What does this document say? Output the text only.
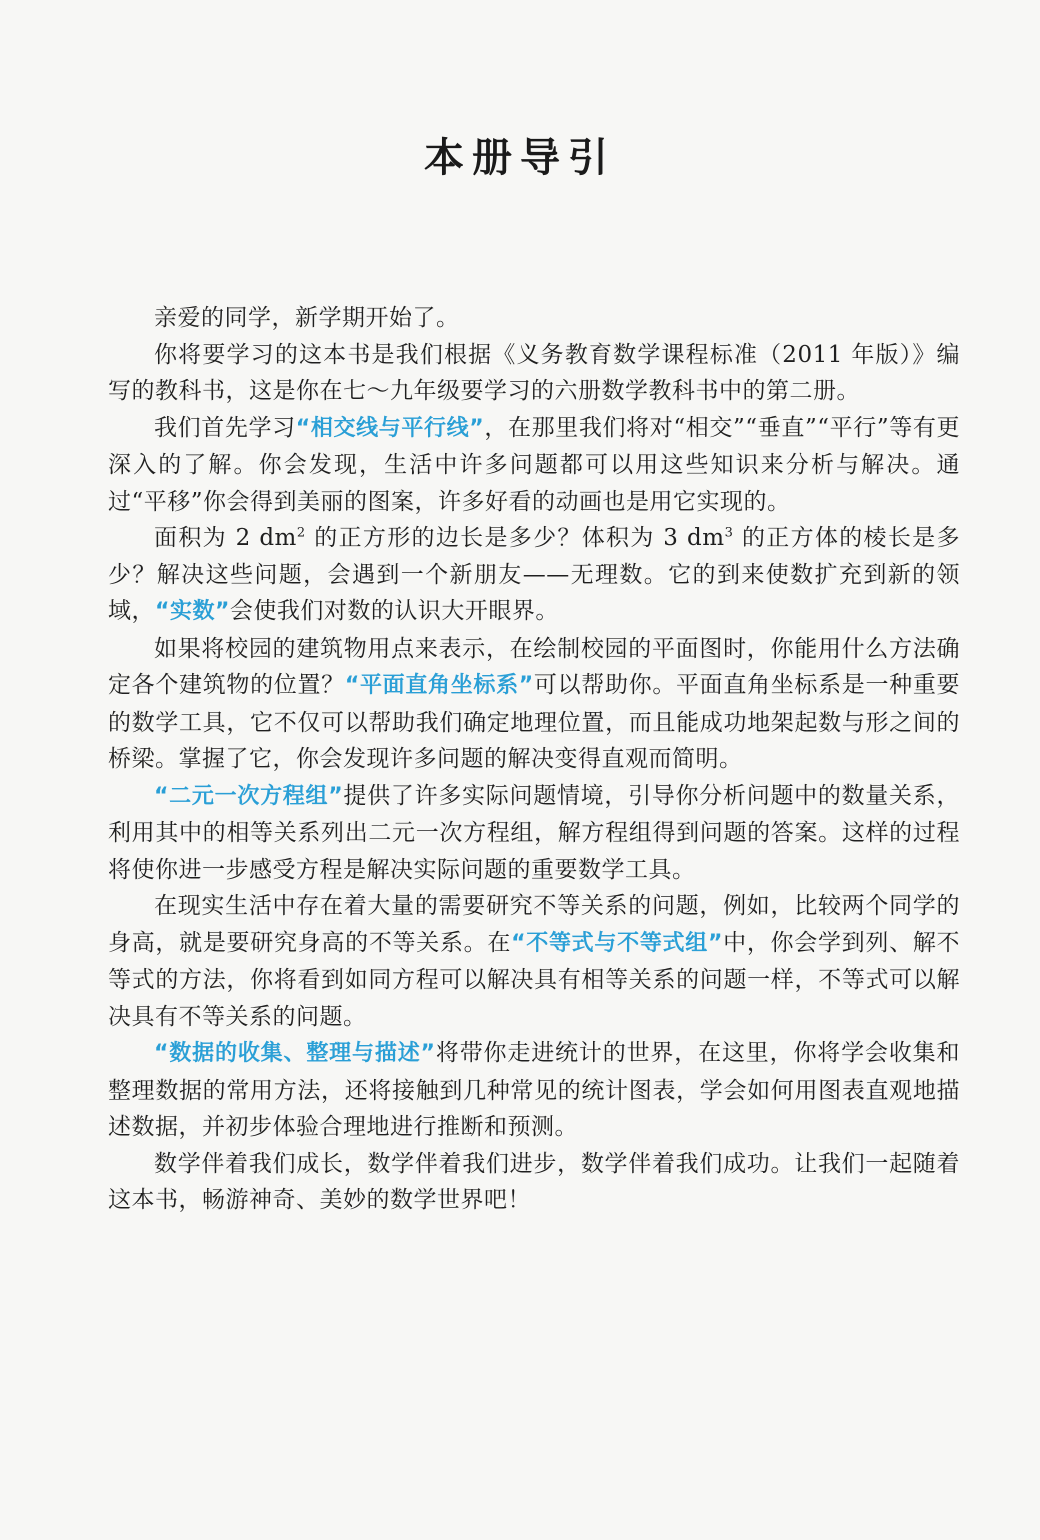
本册导引

亲爱的同学，新学期开始了。

你将要学习的这本书是我们根据《义务教育数学课程标准（2011 年版）》编写的教科书，这是你在七～九年级要学习的六册数学教科书中的第二册。

我们首先学习“相交线与平行线”，在那里我们将对“相交”“垂直”“平行”等有更深入的了解。你会发现，生活中许多问题都可以用这些知识来分析与解决。通过“平移”你会得到美丽的图案，许多好看的动画也是用它实现的。

面积为 2 $dm^2$ 的正方形的边长是多少？体积为 3 $dm^3$ 的正方体的棱长是多少？解决这些问题，会遇到一个新朋友——无理数。它的到来使数扩充到新的领域，“实数”会使我们对数的认识大开眼界。

如果将校园的建筑物用点来表示，在绘制校园的平面图时，你能用什么方法确定各个建筑物的位置？“平面直角坐标系”可以帮助你。平面直角坐标系是一种重要的数学工具，它不仅可以帮助我们确定地理位置，而且能成功地架起数与形之间的桥梁。掌握了它，你会发现许多问题的解决变得直观而简明。

“二元一次方程组”提供了许多实际问题情境，引导你分析问题中的数量关系，利用其中的相等关系列出二元一次方程组，解方程组得到问题的答案。这样的过程将使你进一步感受方程是解决实际问题的重要数学工具。

在现实生活中存在着大量的需要研究不等关系的问题，例如，比较两个同学的身高，就是要研究身高的不等关系。在“不等式与不等式组”中，你会学到列、解不等式的方法，你将看到如同方程可以解决具有相等关系的问题一样，不等式可以解决具有不等关系的问题。

“数据的收集、整理与描述”将带你走进统计的世界，在这里，你将学会收集和整理数据的常用方法，还将接触到几种常见的统计图表，学会如何用图表直观地描述数据，并初步体验合理地进行推断和预测。

数学伴着我们成长，数学伴着我们进步，数学伴着我们成功。让我们一起随着这本书，畅游神奇、美妙的数学世界吧！
